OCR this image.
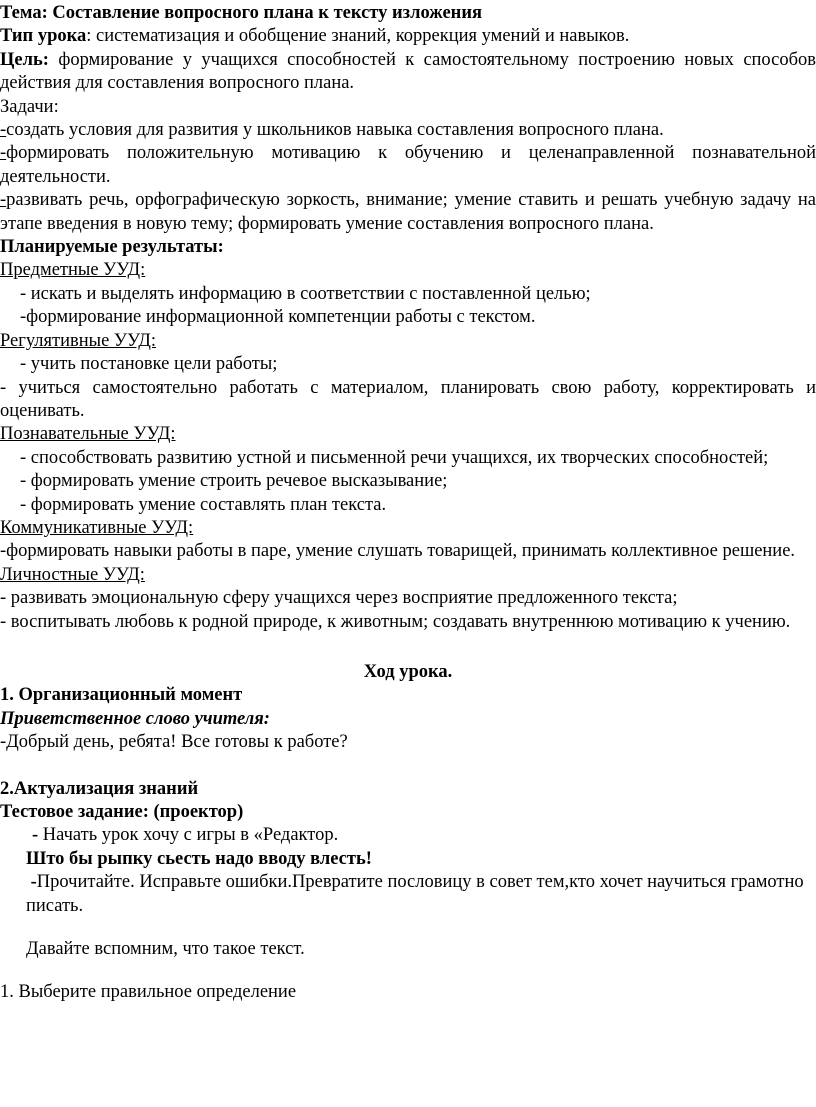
Тема: Составление вопросного плана к тексту изложения

Тип урока: систематизация и обобщение знаний, коррекция умений и навыков.

Цель: формирование у учащихся способностей к самостоятельному построению новых способов действия для составления вопросного плана.

Задачи:

-создать условия для развития у школьников навыка составления вопросного плана.

-формировать положительную мотивацию к обучению и целенаправленной познавательной деятельности.

-развивать речь, орфографическую зоркость, внимание; умение ставить и решать учебную задачу на этапе введения в новую тему; формировать умение составления вопросного плана.

Планируемые результаты:

Предметные УУД:

- искать и выделять информацию в соответствии с поставленной целью;

-формирование информационной компетенции работы с текстом.

Регулятивные УУД:

- учить постановке цели работы;

- учиться самостоятельно работать с материалом, планировать свою работу, корректировать и оценивать.

Познавательные УУД:

- способствовать развитию устной и письменной речи учащихся, их творческих способностей;

- формировать умение строить речевое высказывание;

- формировать умение составлять план текста.

Коммуникативные УУД:

-формировать навыки работы в паре, умение слушать товарищей, принимать коллективное решение.

Личностные УУД:

- развивать эмоциональную сферу учащихся через восприятие предложенного текста;

- воспитывать любовь к родной природе, к животным; создавать внутреннюю мотивацию к учению.

Ход урока.

1. Организационный момент

Приветственное слово учителя:

-Добрый день, ребята! Все готовы к работе?

2.Актуализация знаний

Тестовое задание: (проектор)

- Начать урок хочу с игры в «Редактор.

Што бы рыпку сьесть надо вводу влесть!

-Прочитайте. Исправьте ошибки.Превратите пословицу в совет тем,кто хочет научиться грамотно писать.

Давайте вспомним, что такое текст.

1. Выберите правильное определение
